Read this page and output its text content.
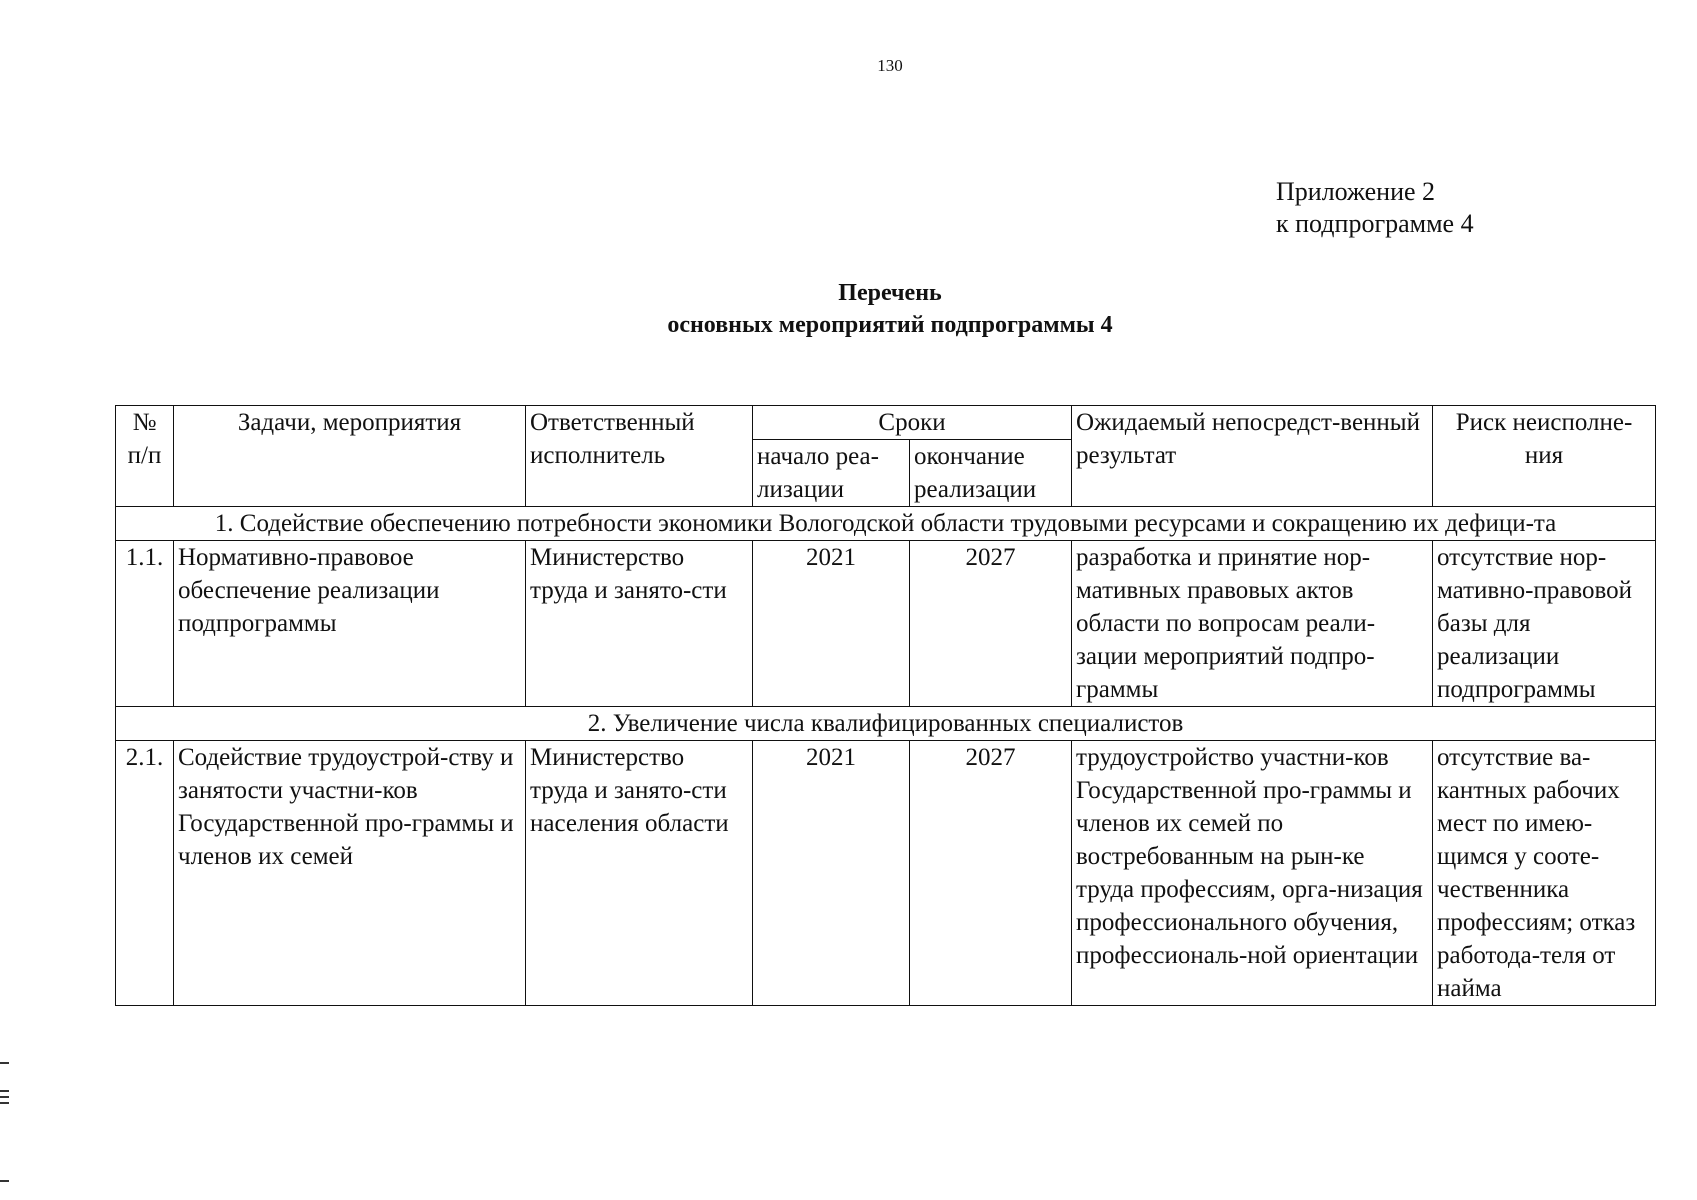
130
Приложение 2
к подпрограмме 4
Перечень
основных мероприятий подпрограммы 4
№ п/п	Задачи, мероприятия	Ответственный исполнитель	Сроки		Ожидаемый непосредст-венный результат	Риск неисполне-ния
			начало реа-лизации	окончание реализации		
1. Содействие обеспечению потребности экономики Вологодской области трудовыми ресурсами и сокращению их дефици-та						
1.1.	Нормативно-правовое обеспечение реализации подпрограммы	Министерство труда и занято-сти	2021	2027	разработка и принятие нор-мативных правовых актов области по вопросам реали-зации мероприятий подпро-граммы	отсутствие нор-мативно-правовой базы для реализации подпрограммы
2. Увеличение числа квалифицированных специалистов						
2.1.	Содействие трудоустрой-ству и занятости участни-ков Государственной про-граммы и членов их семей	Министерство труда и занято-сти населения области	2021	2027	трудоустройство участни-ков Государственной про-граммы и членов их семей по востребованным на рын-ке труда профессиям, орга-низация профессионального обучения, профессиональ-ной ориентации	отсутствие ва-кантных рабочих мест по имею-щимся у сооте-чественника профессиям; отказ работода-теля от найма
